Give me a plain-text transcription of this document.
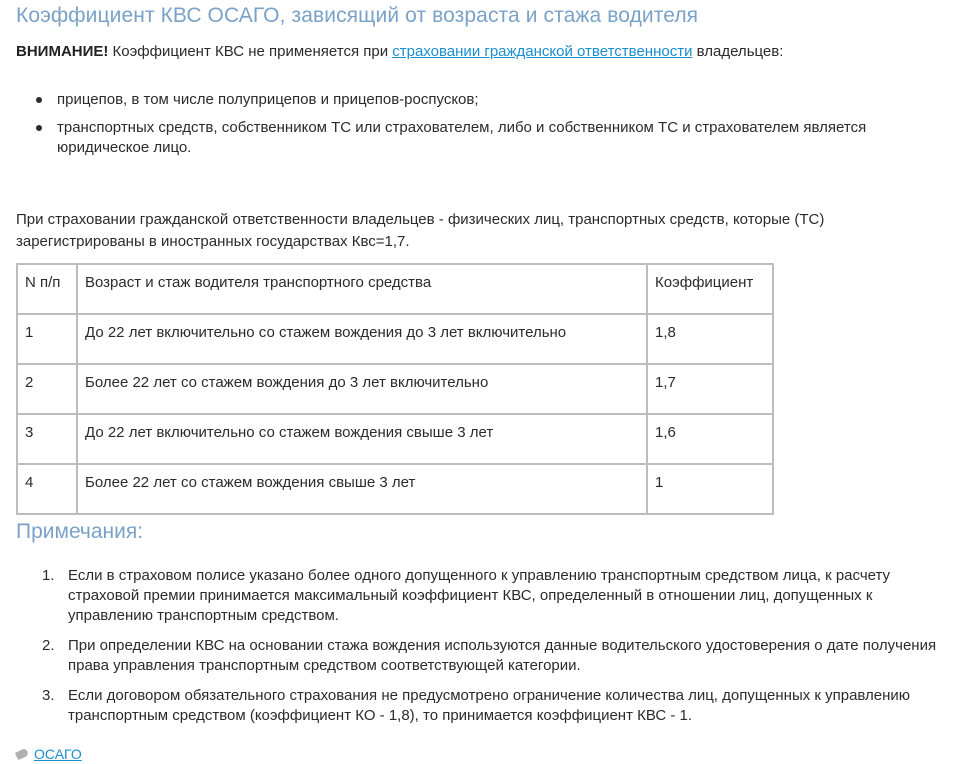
Коэффициент КВС ОСАГО, зависящий от возраста и стажа водителя
ВНИМАНИЕ! Коэффициент КВС не применяется при страховании гражданской ответственности владельцев:
прицепов, в том числе полуприцепов и прицепов-роспусков;
транспортных средств, собственником ТС или страхователем, либо и собственником ТС и страхователем является юридическое лицо.
При страховании гражданской ответственности владельцев - физических лиц, транспортных средств, которые (ТС) зарегистрированы в иностранных государствах Квс=1,7.
N п/п	Возраст и стаж водителя транспортного средства	Коэффициент
1	До 22 лет включительно со стажем вождения до 3 лет включительно	1,8
2	Более 22 лет со стажем вождения до 3 лет включительно	1,7
3	До 22 лет включительно со стажем вождения свыше 3 лет	1,6
4	Более 22 лет со стажем вождения свыше 3 лет	1
Примечания:
1. Если в страховом полисе указано более одного допущенного к управлению транспортным средством лица, к расчету страховой премии принимается максимальный коэффициент КВС, определенный в отношении лиц, допущенных к управлению транспортным средством.
2. При определении КВС на основании стажа вождения используются данные водительского удостоверения о дате получения права управления транспортным средством соответствующей категории.
3. Если договором обязательного страхования не предусмотрено ограничение количества лиц, допущенных к управлению транспортным средством (коэффициент КО - 1,8), то принимается коэффициент КВС - 1.
ОСАГО
